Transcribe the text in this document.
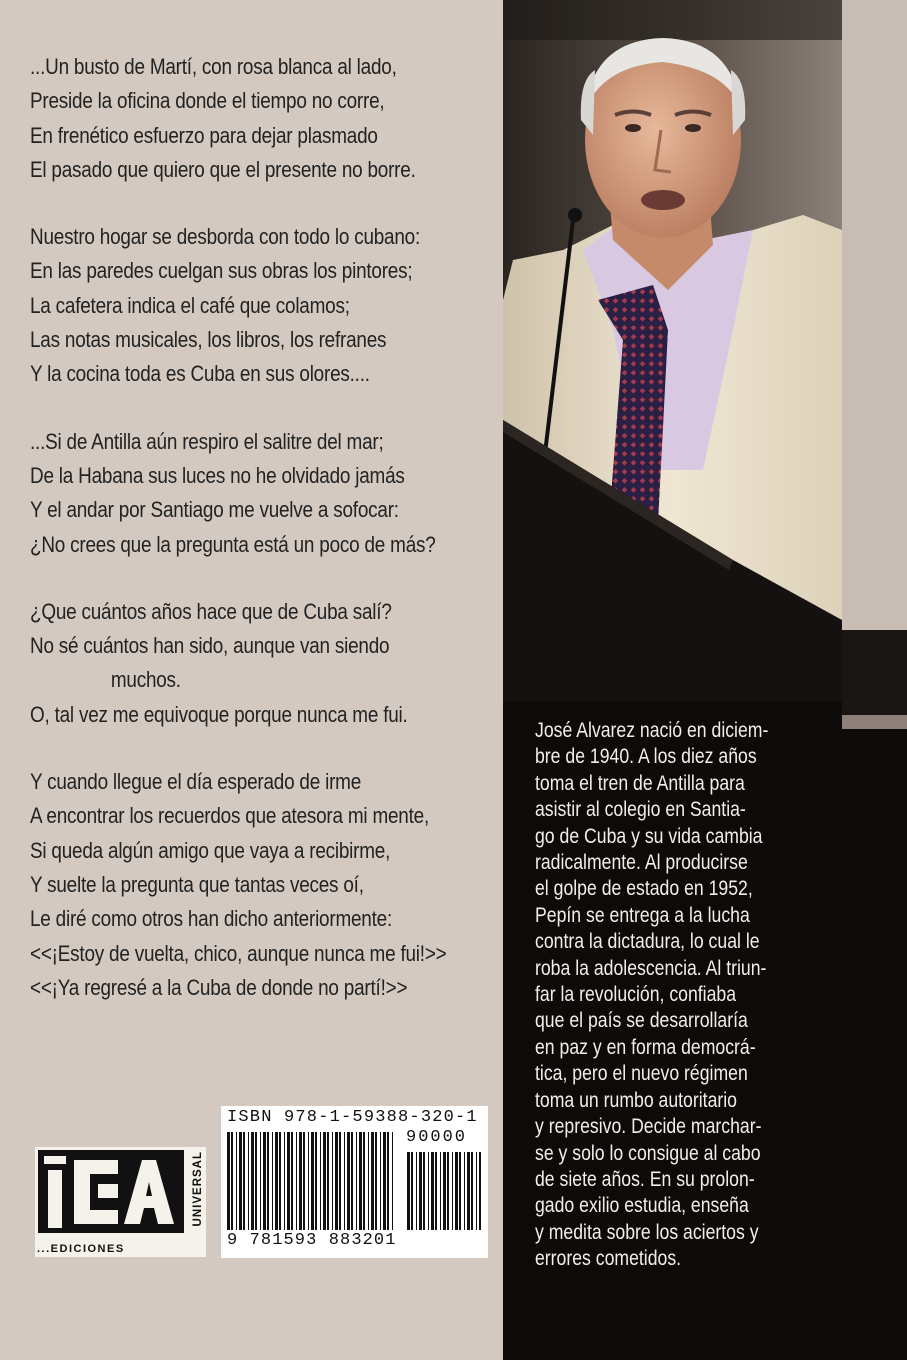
...Un busto de Martí, con rosa blanca al lado,
Preside la oficina donde el tiempo no corre,
En frenético esfuerzo para dejar plasmado
El pasado que quiero que el presente no borre.
Nuestro hogar se desborda con todo lo cubano:
En las paredes cuelgan sus obras los pintores;
La cafetera indica el café que colamos;
Las notas musicales, los libros, los refranes
Y la cocina toda es Cuba en sus olores....
...Si de Antilla aún respiro el salitre del mar;
De la Habana sus luces no he olvidado jamás
Y el andar por Santiago me vuelve a sofocar:
¿No crees que la pregunta está un poco de más?
¿Que cuántos años hace que de Cuba salí?
No sé cuántos han sido, aunque van siendo
muchos.
O, tal vez me equivoque porque nunca me fui.
Y cuando llegue el día esperado de irme
A encontrar los recuerdos que atesora mi mente,
Si queda algún amigo que vaya a recibirme,
Y suelte la pregunta que tantas veces oí,
Le diré como otros han dicho anteriormente:
<<¡Estoy de vuelta, chico, aunque nunca me fui!>>
<<¡Ya regresé a la Cuba de donde no partí!>>
José Alvarez nació en diciem-
bre de 1940. A los diez años
toma el tren de Antilla para
asistir al colegio en Santia-
go de Cuba y su vida cambia
radicalmente. Al producirse
el golpe de estado en 1952,
Pepín se entrega a la lucha
contra la dictadura, lo cual le
roba la adolescencia. Al triun-
far la revolución, confiaba
que el país se desarrollaría
en paz y en forma democrá-
tica, pero el nuevo régimen
toma un rumbo autoritario
y represivo. Decide marchar-
se y solo lo consigue al cabo
de siete años. En su prolon-
gado exilio estudia, enseña
y medita sobre los aciertos y
errores cometidos.
...EDICIONES
UNIVERSAL
ISBN 978-1-59388-320-1
90000
9 781593 883201
